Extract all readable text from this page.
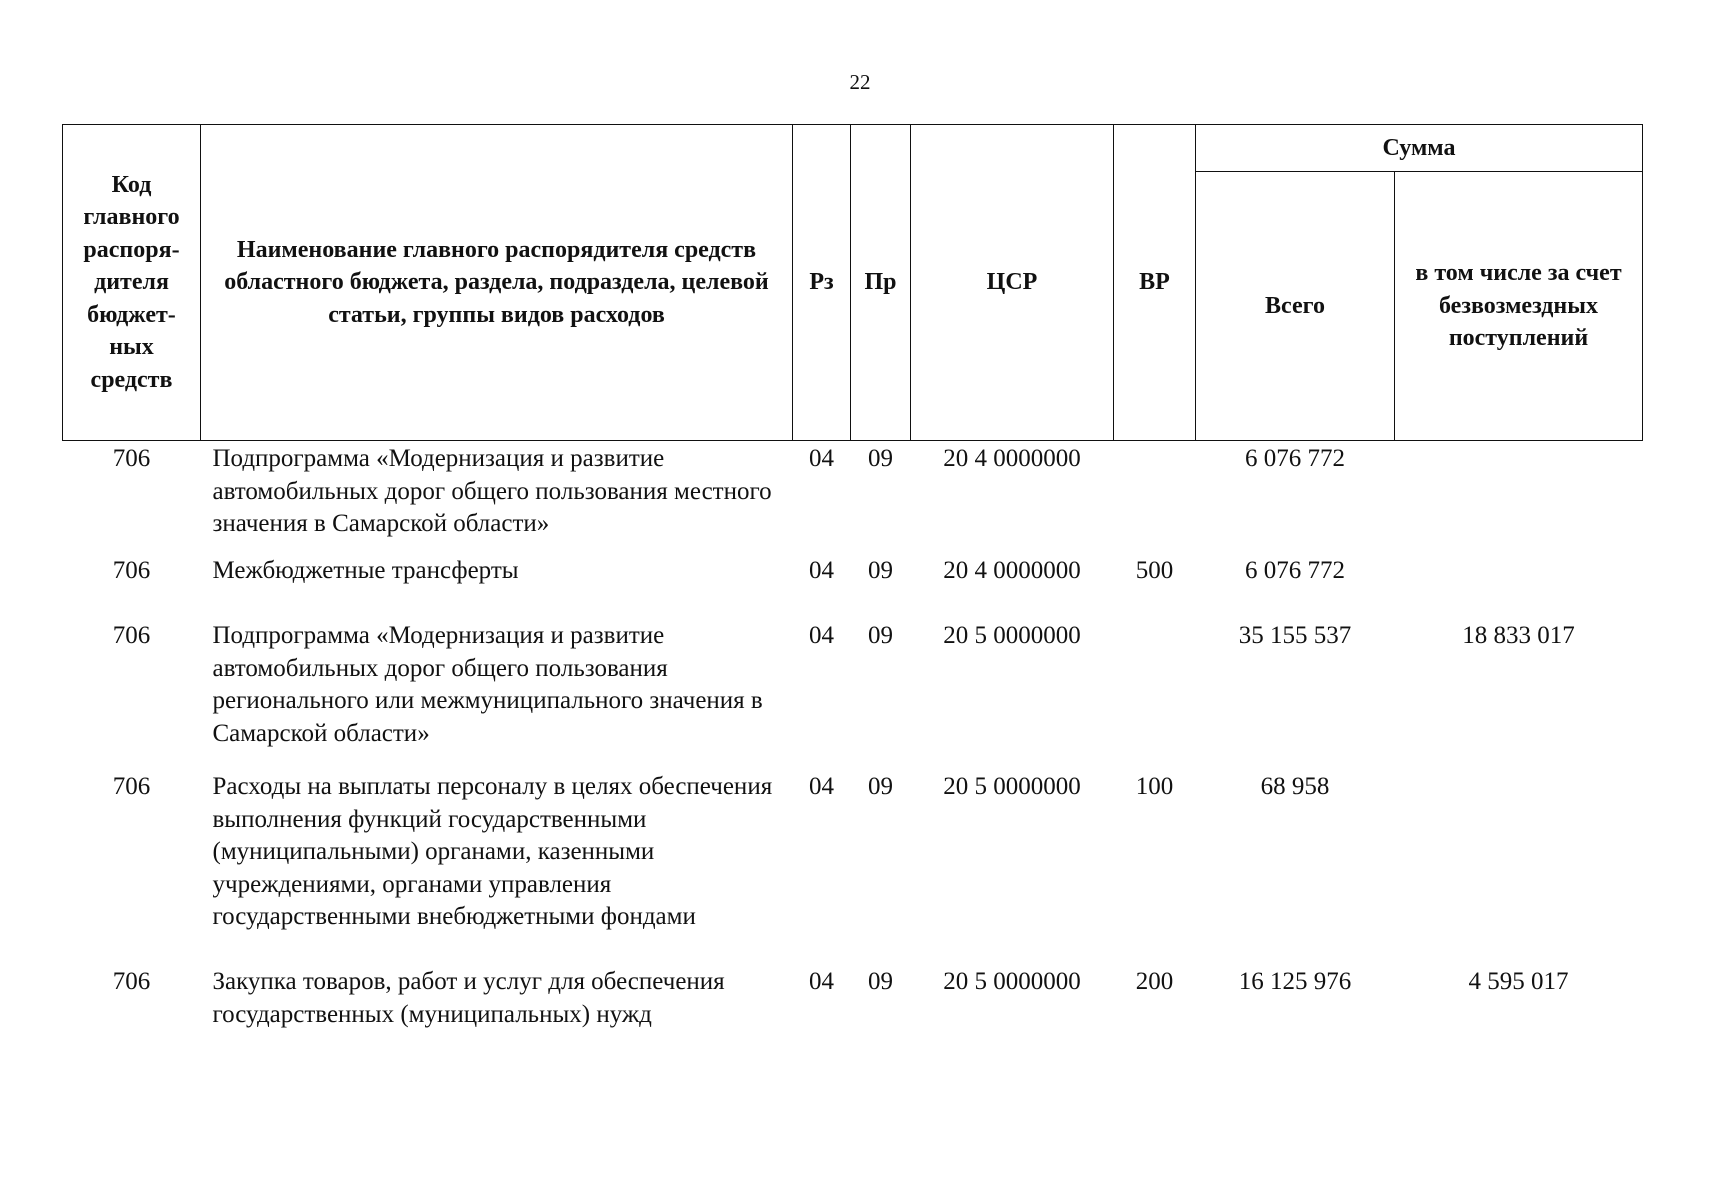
22
Код главного распоря-дителя бюджет-ных средств	Наименование главного распорядителя средств областного бюджета, раздела, подраздела, целевой статьи, группы видов расходов	Рз	Пр	ЦСР	ВР	Сумма	
						Всего	в том числе за счет безвозмездных поступлений
706	Подпрограмма «Модернизация и развитие автомобильных дорог общего пользования местного значения в Самарской области»	04	09	20 4 0000000		6 076 772	
706	Межбюджетные трансферты	04	09	20 4 0000000	500	6 076 772	
706	Подпрограмма «Модернизация и развитие автомобильных дорог общего пользования регионального или межмуниципального значения в Самарской области»	04	09	20 5 0000000		35 155 537	18 833 017
706	Расходы на выплаты персоналу в целях обеспечения выполнения функций государственными (муниципальными) органами, казенными учреждениями, органами управления государственными внебюджетными фондами	04	09	20 5 0000000	100	68 958	
706	Закупка товаров, работ и услуг для обеспечения государственных (муниципальных) нужд	04	09	20 5 0000000	200	16 125 976	4 595 017
